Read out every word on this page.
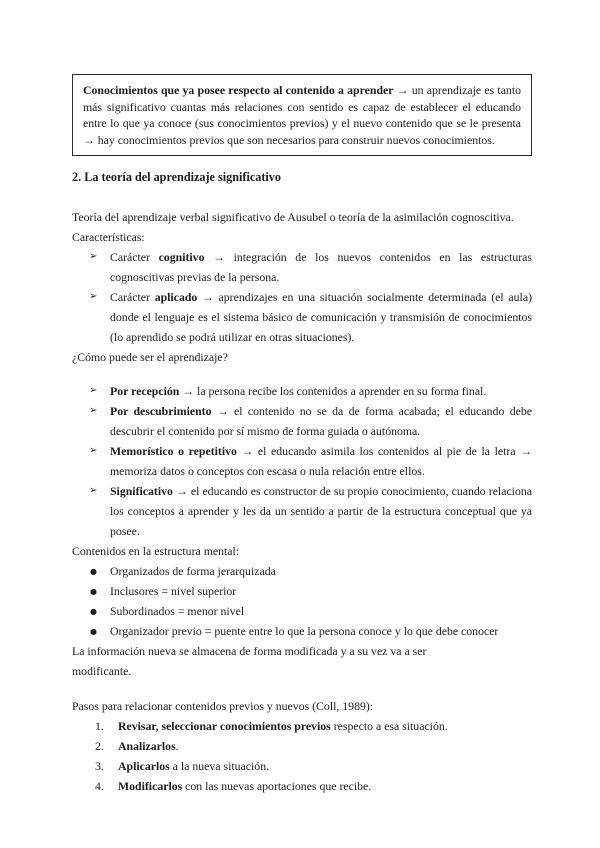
Conocimientos que ya posee respecto al contenido a aprender → un aprendizaje es tanto más significativo cuantas más relaciones con sentido es capaz de establecer el educando entre lo que ya conoce (sus conocimientos previos) y el nuevo contenido que se le presenta → hay conocimientos previos que son necesarios para construir nuevos conocimientos.

2. La teoría del aprendizaje significativo

Teoría del aprendizaje verbal significativo de Ausubel o teoría de la asimilación cognoscitiva.

Características:

➢ Carácter cognitivo → integración de los nuevos contenidos en las estructuras cognoscitivas previas de la persona.
➢ Carácter aplicado → aprendizajes en una situación socialmente determinada (el aula) donde el lenguaje es el sistema básico de comunicación y transmisión de conocimientos (lo aprendido se podrá utilizar en otras situaciones).

¿Cómo puede ser el aprendizaje?

➢ Por recepción → la persona recibe los contenidos a aprender en su forma final.
➢ Por descubrimiento → el contenido no se da de forma acabada; el educando debe descubrir el contenido por sí mismo de forma guiada o autónoma.
➢ Memorístico o repetitivo → el educando asimila los contenidos al pie de la letra → memoriza datos o conceptos con escasa o nula relación entre ellos.
➢ Significativo → el educando es constructor de su propio conocimiento, cuando relaciona los conceptos a aprender y les da un sentido a partir de la estructura conceptual que ya posee.

Contenidos en la estructura mental:

● Organizados de forma jerarquizada
● Inclusores = nivel superior
● Subordinados = menor nivel
● Organizador previo = puente entre lo que la persona conoce y lo que debe conocer

La información nueva se almacena de forma modificada y a su vez va a ser
modificante.

Pasos para relacionar contenidos previos y nuevos (Coll, 1989):

1. Revisar, seleccionar conocimientos previos respecto a esa situación.
2. Analizarlos.
3. Aplicarlos a la nueva situación.
4. Modificarlos con las nuevas aportaciones que recibe.
